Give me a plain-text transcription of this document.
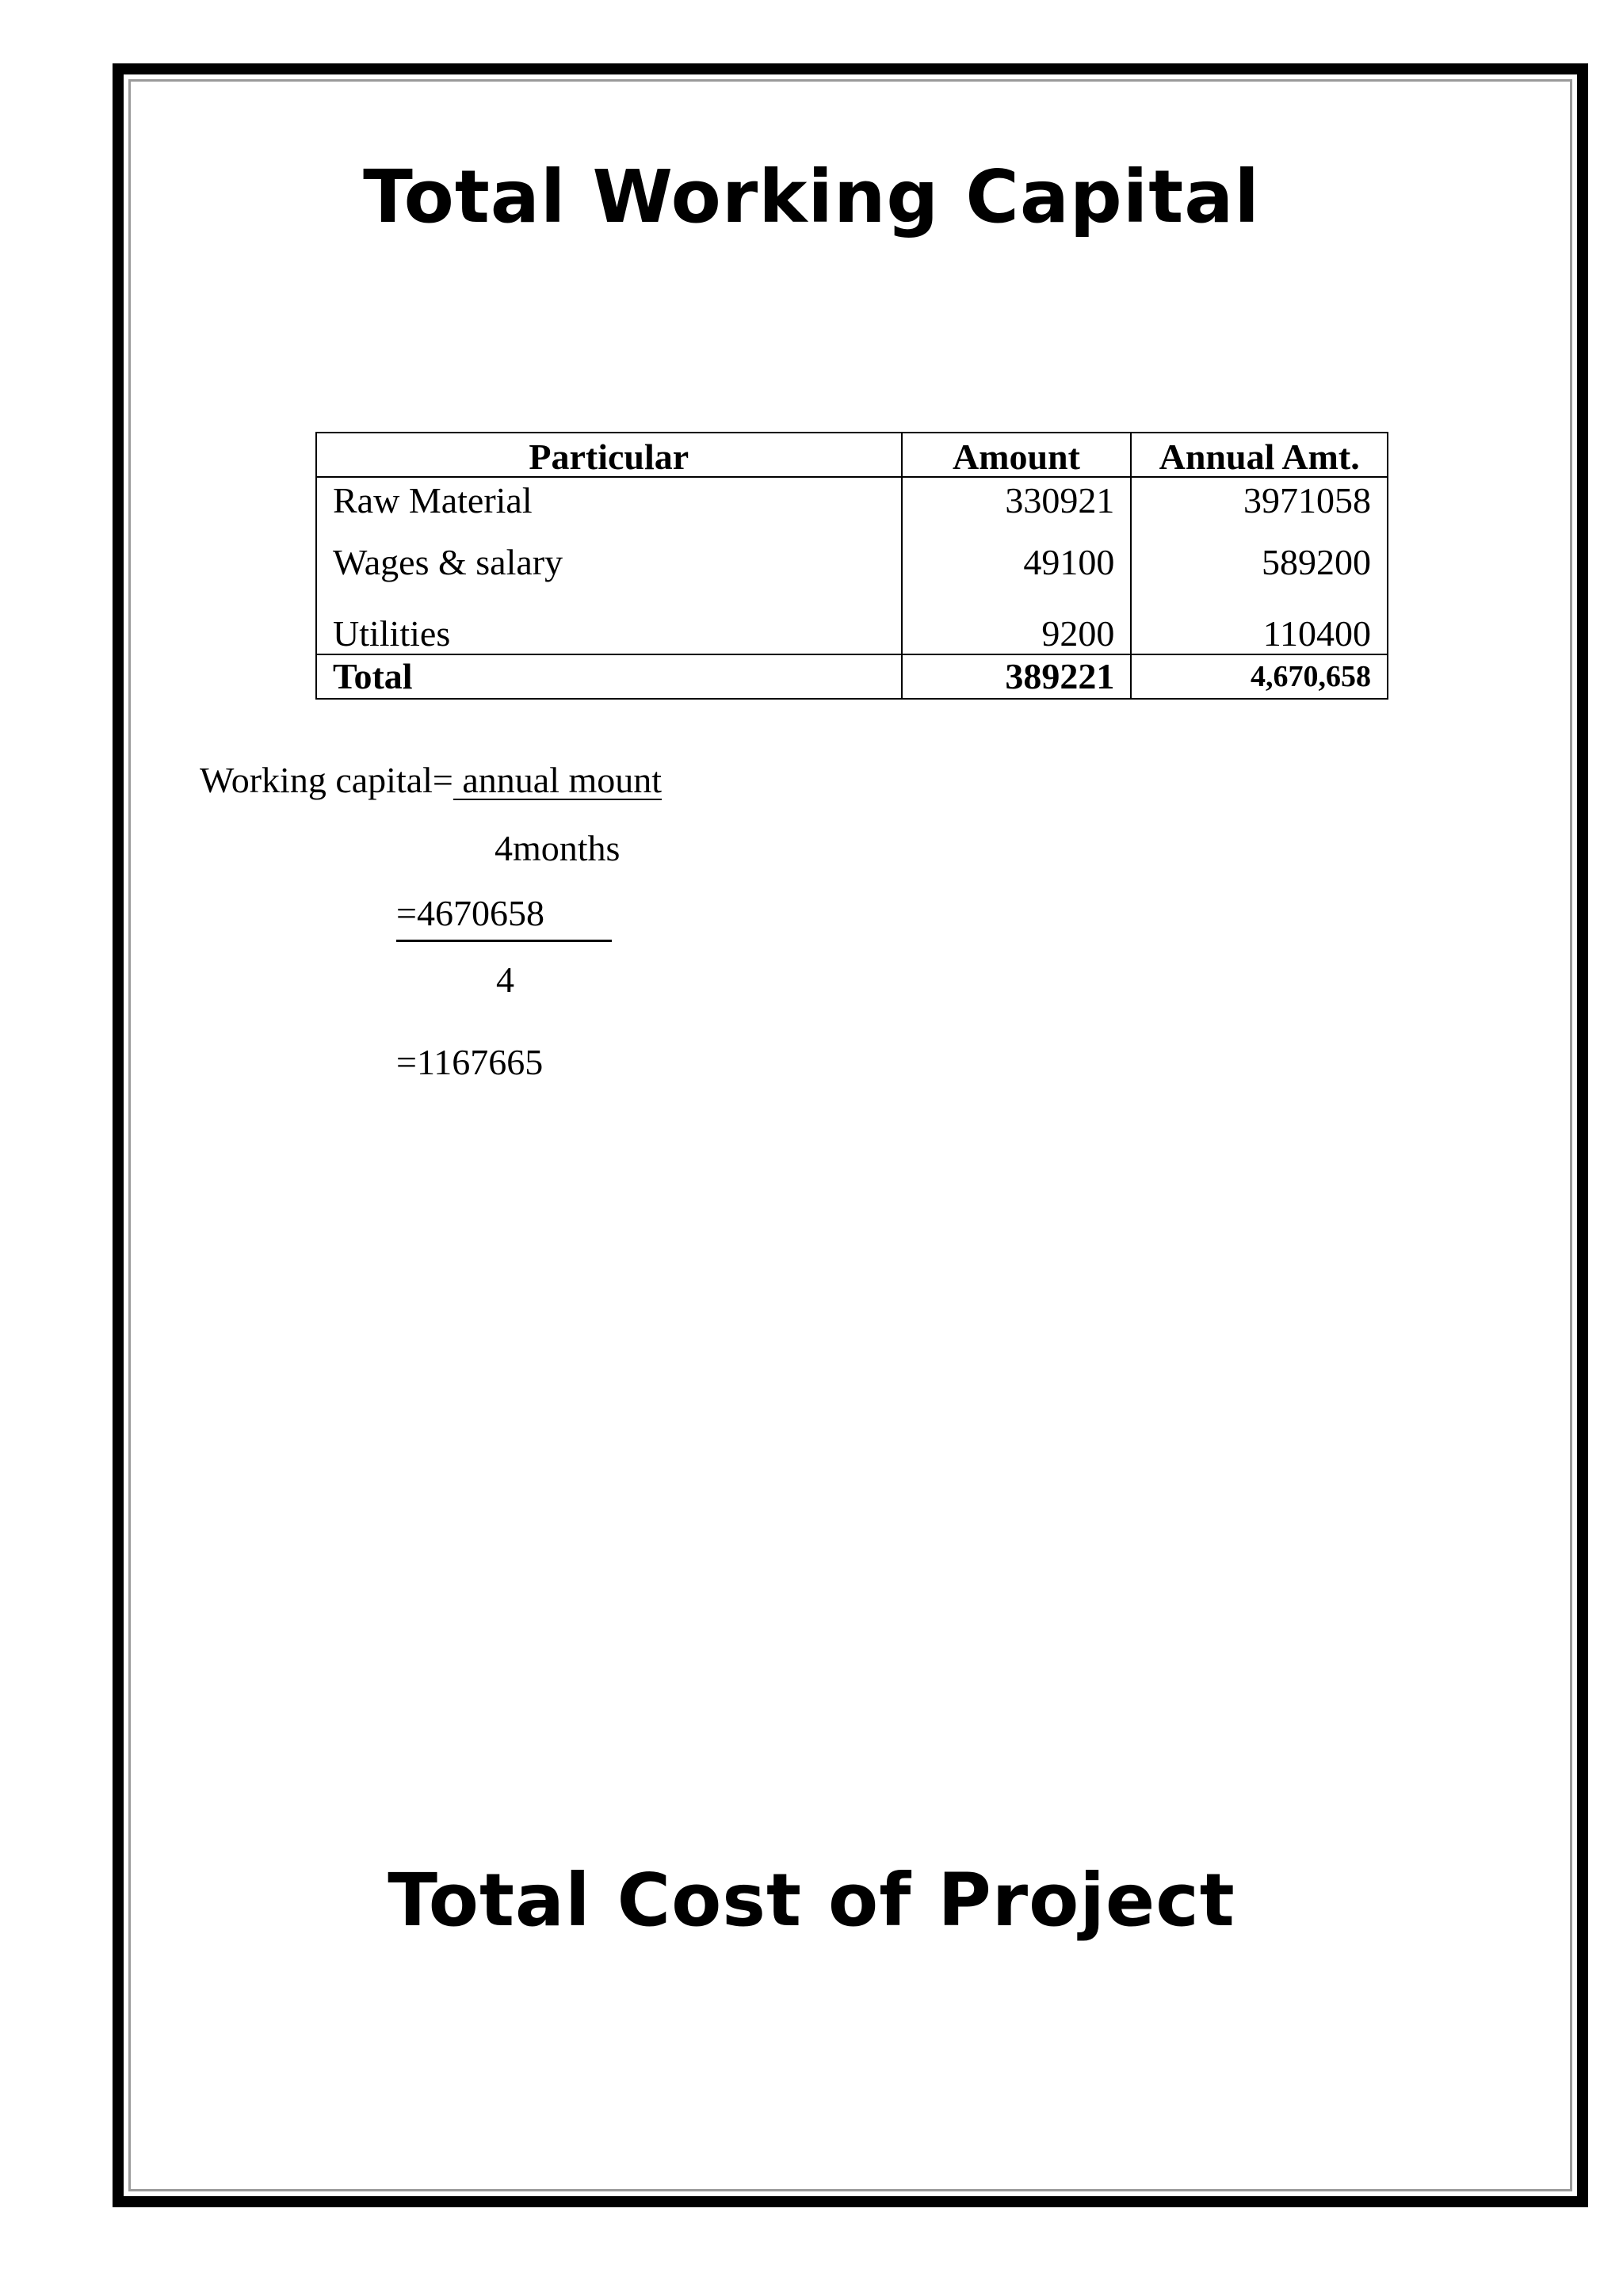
Total Working Capital
Particular	Amount	Annual Amt.
Raw Material	330921	3971058
Wages & salary	49100	589200
Utilities	9200	110400
Total	389221	4,670,658
Working capital= annual mount
4months
=4670658
4
=1167665
Total Cost of Project
